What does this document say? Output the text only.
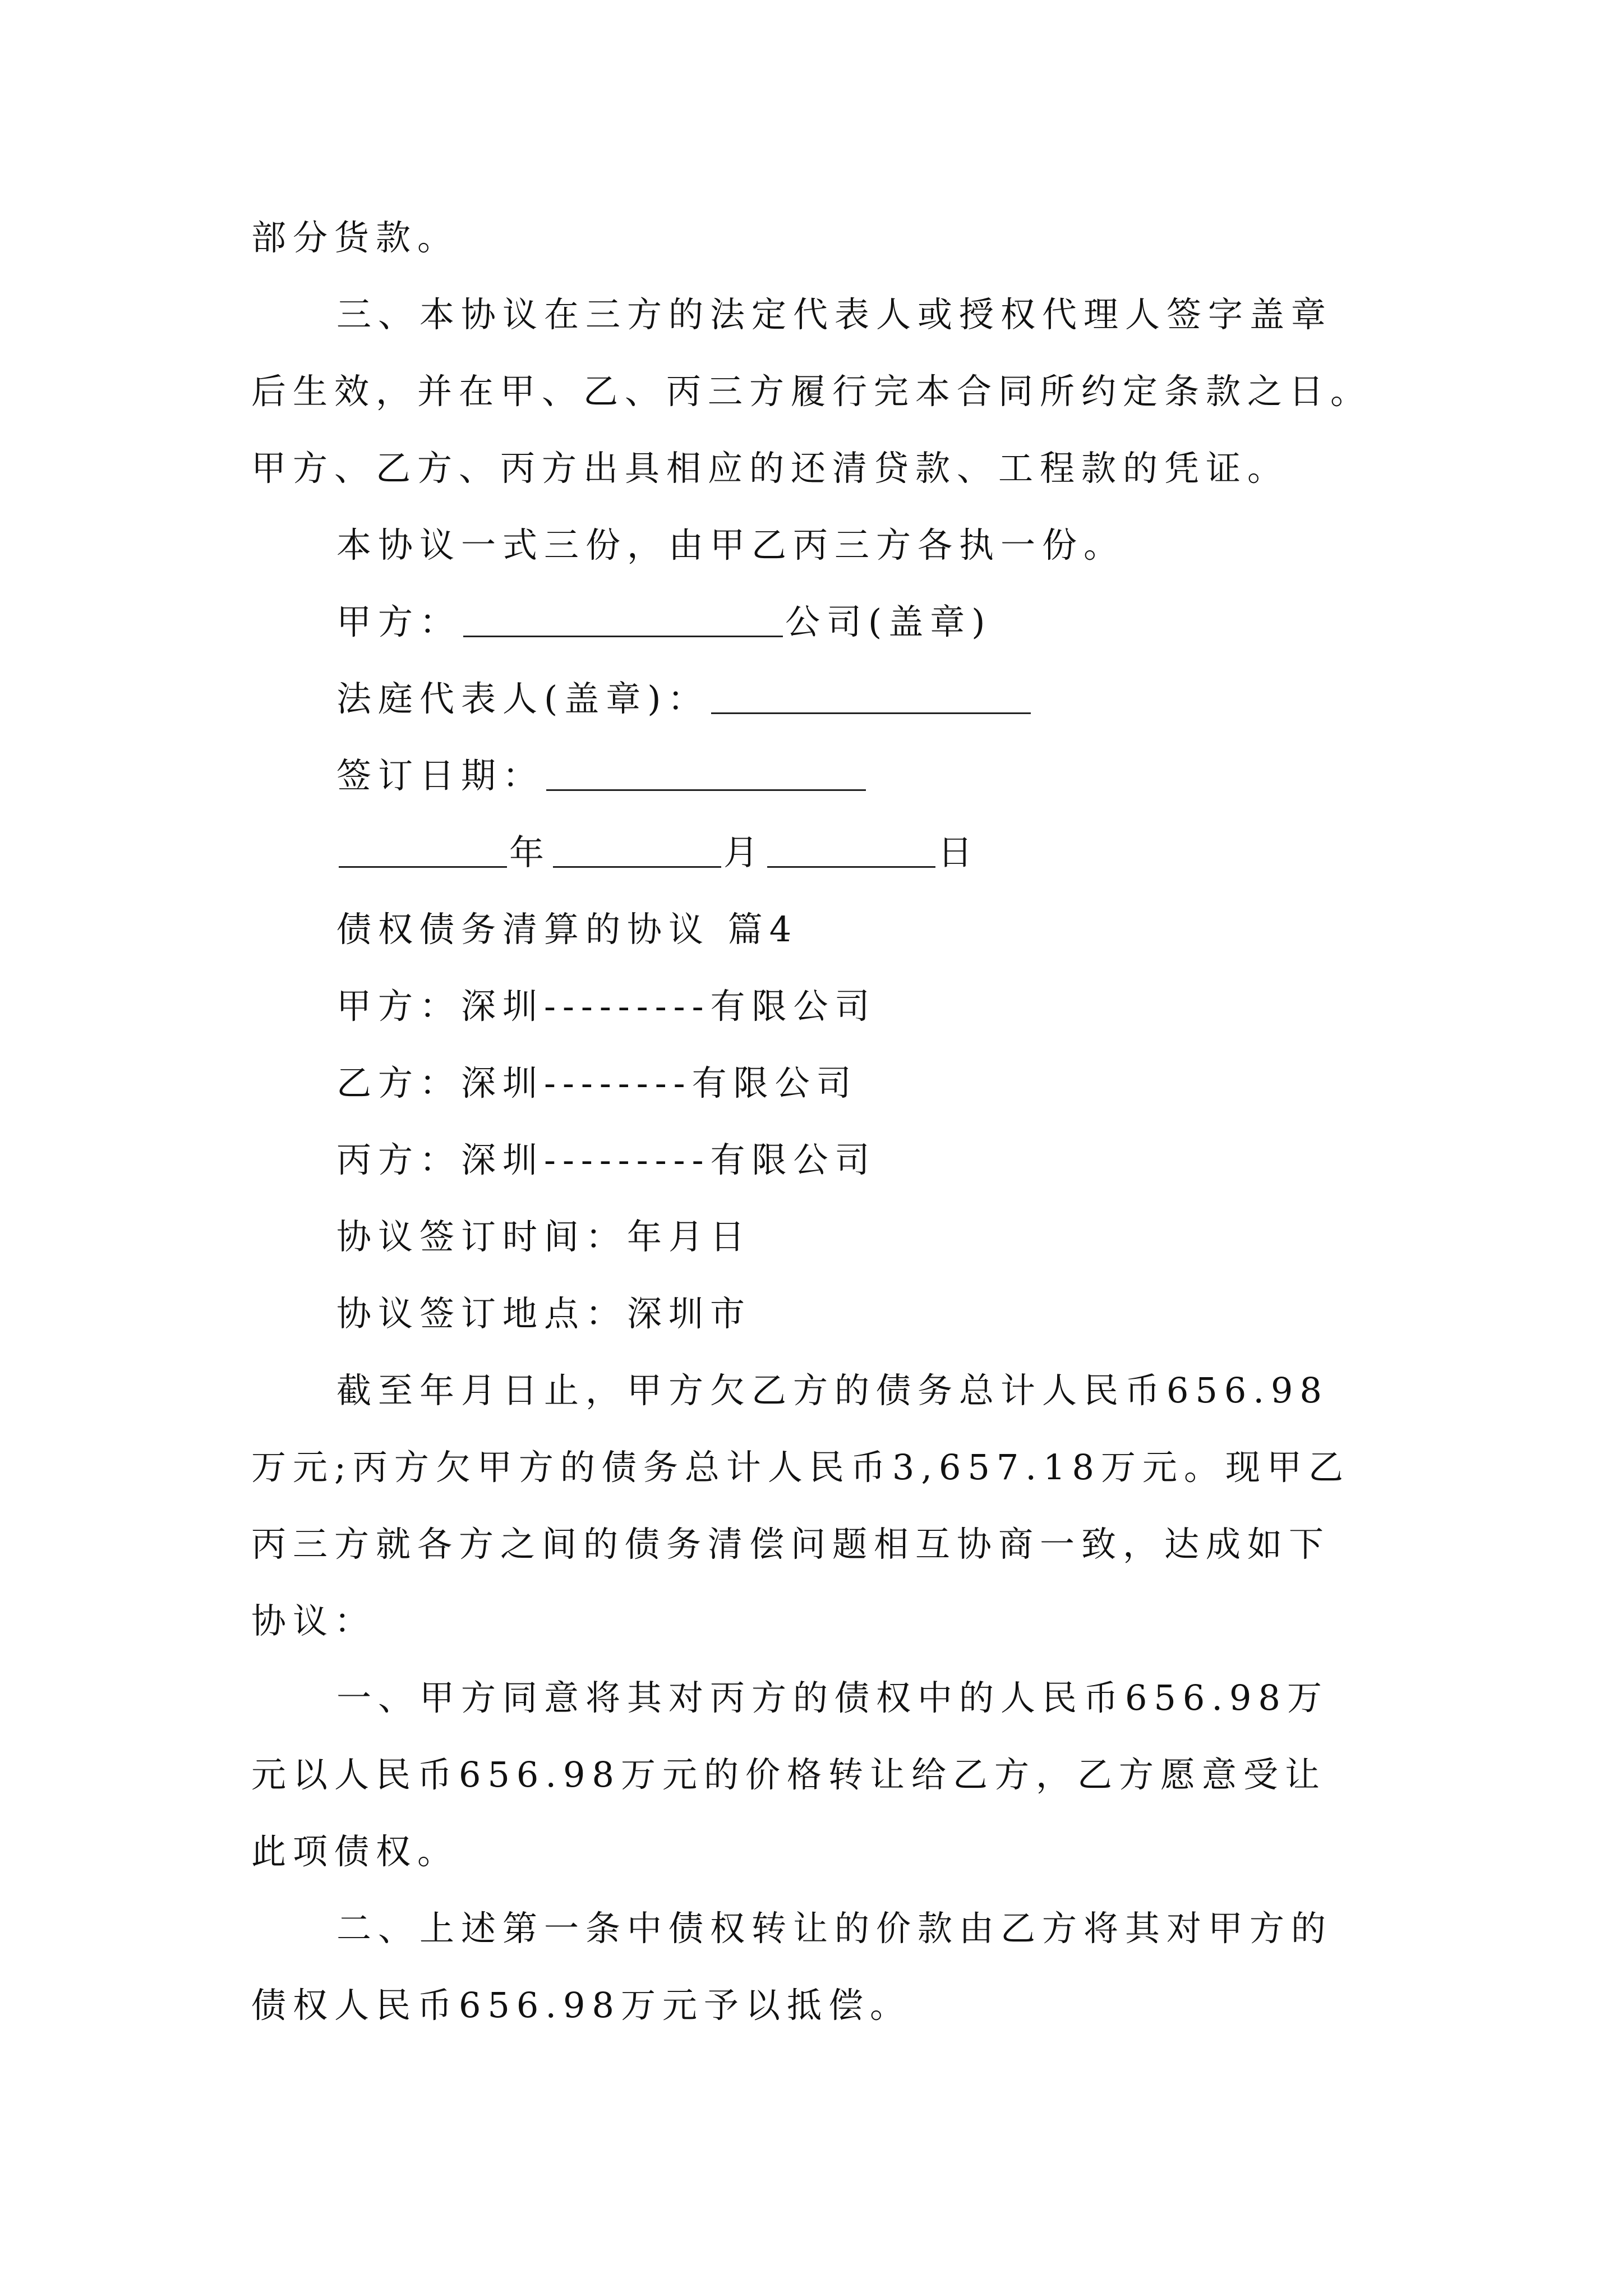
部分货款。
三、本协议在三方的法定代表人或授权代理人签字盖章
后生效，并在甲、乙、丙三方履行完本合同所约定条款之日。
甲方、乙方、丙方出具相应的还清贷款、工程款的凭证。
本协议一式三份，由甲乙丙三方各执一份。
甲方：	公司(盖章)
法庭代表人(盖章)：
签订日期：
年	月	日
债权债务清算的协议 篇4
甲方：深圳---------有限公司
乙方：深圳--------有限公司
丙方：深圳---------有限公司
协议签订时间：年月日
协议签订地点：深圳市
截至年月日止，甲方欠乙方的债务总计人民币656.98
万元;丙方欠甲方的债务总计人民币3,657.18万元。现甲乙
丙三方就各方之间的债务清偿问题相互协商一致，达成如下
协议：
一、甲方同意将其对丙方的债权中的人民币656.98万
元以人民币656.98万元的价格转让给乙方，乙方愿意受让
此项债权。
二、上述第一条中债权转让的价款由乙方将其对甲方的
债权人民币656.98万元予以抵偿。
